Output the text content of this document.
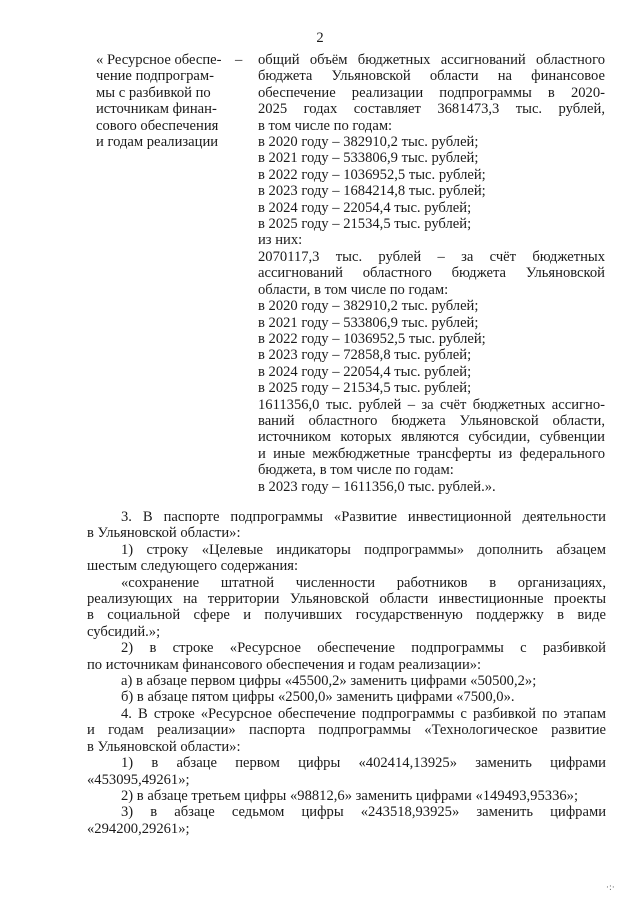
2
« Ресурсное обеспе-
чение подпрограм-
мы с разбивкой по
источникам финан-
сового обеспечения
и годам реализации
– общий объём бюджетных ассигнований областного
бюджета Ульяновской области на финансовое
обеспечение реализации подпрограммы в 2020-
2025 годах составляет 3681473,3 тыс. рублей,
в том числе по годам:
в 2020 году – 382910,2 тыс. рублей;
в 2021 году – 533806,9 тыс. рублей;
в 2022 году – 1036952,5 тыс. рублей;
в 2023 году – 1684214,8 тыс. рублей;
в 2024 году – 22054,4 тыс. рублей;
в 2025 году – 21534,5 тыс. рублей;
из них:
2070117,3 тыс. рублей – за счёт бюджетных
ассигнований областного бюджета Ульяновской
области, в том числе по годам:
в 2020 году – 382910,2 тыс. рублей;
в 2021 году – 533806,9 тыс. рублей;
в 2022 году – 1036952,5 тыс. рублей;
в 2023 году – 72858,8 тыс. рублей;
в 2024 году – 22054,4 тыс. рублей;
в 2025 году – 21534,5 тыс. рублей;
1611356,0 тыс. рублей – за счёт бюджетных ассигно-
ваний областного бюджета Ульяновской области,
источником которых являются субсидии, субвенции
и иные межбюджетные трансферты из федерального
бюджета, в том числе по годам:
в 2023 году – 1611356,0 тыс. рублей.».
3. В паспорте подпрограммы «Развитие инвестиционной деятельности
в Ульяновской области»:
1) строку «Целевые индикаторы подпрограммы» дополнить абзацем
шестым следующего содержания:
«сохранение штатной численности работников в организациях,
реализующих на территории Ульяновской области инвестиционные проекты
в социальной сфере и получивших государственную поддержку в виде
субсидий.»;
2) в строке «Ресурсное обеспечение подпрограммы с разбивкой
по источникам финансового обеспечения и годам реализации»:
а) в абзаце первом цифры «45500,2» заменить цифрами «50500,2»;
б) в абзаце пятом цифры «2500,0» заменить цифрами «7500,0».
4. В строке «Ресурсное обеспечение подпрограммы с разбивкой по этапам
и годам реализации» паспорта подпрограммы «Технологическое развитие
в Ульяновской области»:
1) в абзаце первом цифры «402414,13925» заменить цифрами
«453095,49261»;
2) в абзаце третьем цифры «98812,6» заменить цифрами «149493,95336»;
3) в абзаце седьмом цифры «243518,93925» заменить цифрами
«294200,29261»;
·:·
